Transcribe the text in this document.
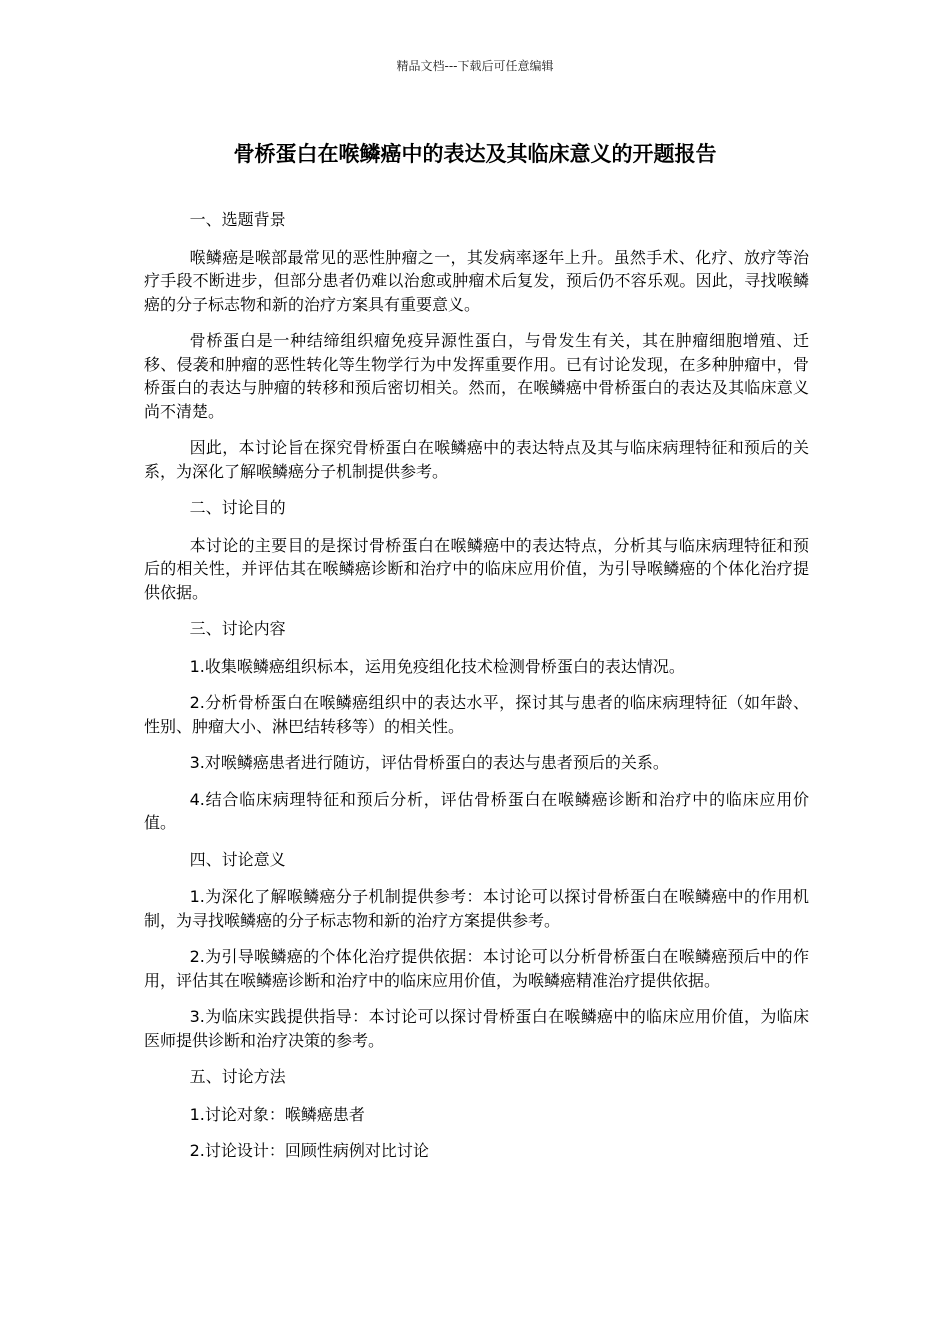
精品文档---下载后可任意编辑
骨桥蛋白在喉鳞癌中的表达及其临床意义的开题报告

一、选题背景

喉鳞癌是喉部最常见的恶性肿瘤之一，其发病率逐年上升。虽然手术、化疗、放疗等治疗手段不断进步，但部分患者仍难以治愈或肿瘤术后复发，预后仍不容乐观。因此，寻找喉鳞癌的分子标志物和新的治疗方案具有重要意义。

骨桥蛋白是一种结缔组织瘤免疫异源性蛋白，与骨发生有关，其在肿瘤细胞增殖、迁移、侵袭和肿瘤的恶性转化等生物学行为中发挥重要作用。已有讨论发现，在多种肿瘤中，骨桥蛋白的表达与肿瘤的转移和预后密切相关。然而，在喉鳞癌中骨桥蛋白的表达及其临床意义尚不清楚。

因此，本讨论旨在探究骨桥蛋白在喉鳞癌中的表达特点及其与临床病理特征和预后的关系，为深化了解喉鳞癌分子机制提供参考。

二、讨论目的

本讨论的主要目的是探讨骨桥蛋白在喉鳞癌中的表达特点，分析其与临床病理特征和预后的相关性，并评估其在喉鳞癌诊断和治疗中的临床应用价值，为引导喉鳞癌的个体化治疗提供依据。

三、讨论内容

1.收集喉鳞癌组织标本，运用免疫组化技术检测骨桥蛋白的表达情况。

2.分析骨桥蛋白在喉鳞癌组织中的表达水平，探讨其与患者的临床病理特征（如年龄、性别、肿瘤大小、淋巴结转移等）的相关性。

3.对喉鳞癌患者进行随访，评估骨桥蛋白的表达与患者预后的关系。

4.结合临床病理特征和预后分析，评估骨桥蛋白在喉鳞癌诊断和治疗中的临床应用价值。

四、讨论意义

1.为深化了解喉鳞癌分子机制提供参考：本讨论可以探讨骨桥蛋白在喉鳞癌中的作用机制，为寻找喉鳞癌的分子标志物和新的治疗方案提供参考。

2.为引导喉鳞癌的个体化治疗提供依据：本讨论可以分析骨桥蛋白在喉鳞癌预后中的作用，评估其在喉鳞癌诊断和治疗中的临床应用价值，为喉鳞癌精准治疗提供依据。

3.为临床实践提供指导：本讨论可以探讨骨桥蛋白在喉鳞癌中的临床应用价值，为临床医师提供诊断和治疗决策的参考。

五、讨论方法

1.讨论对象：喉鳞癌患者

2.讨论设计：回顾性病例对比讨论
